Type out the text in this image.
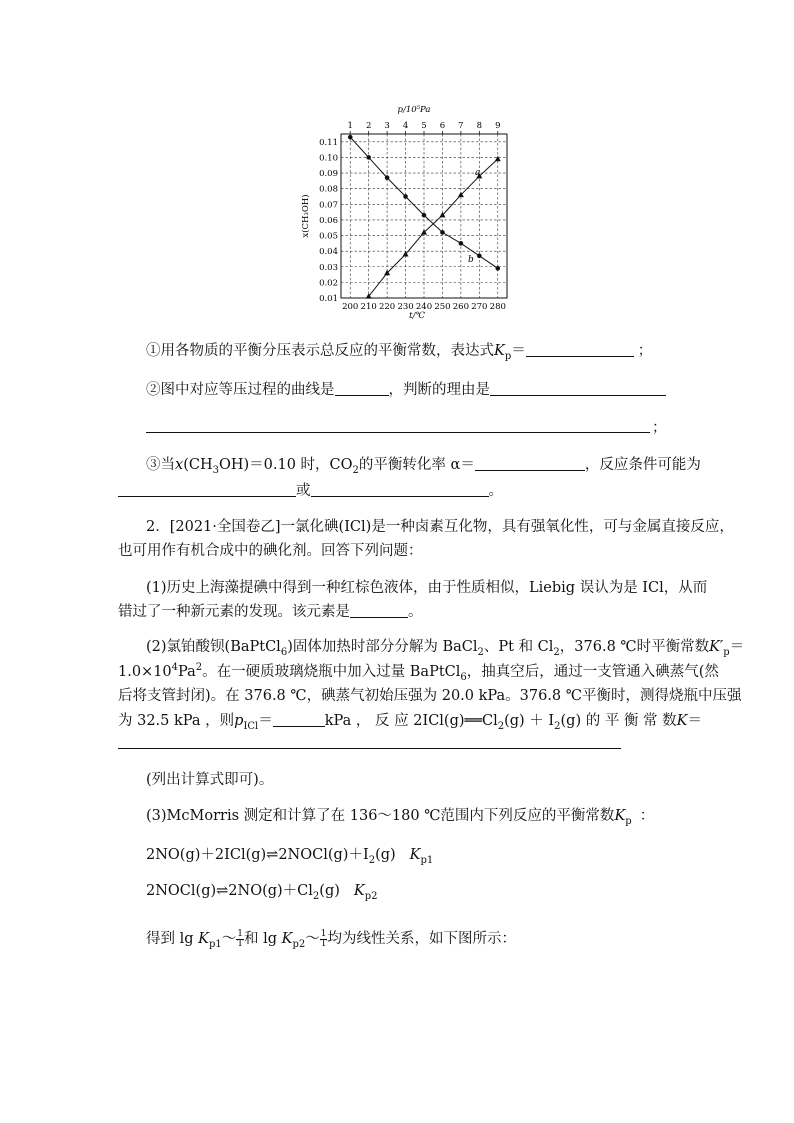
1 2 3 4 5 6 7 8 9
200 210 220 230 240 250 260 270 280
0.01
0.02
0.03
0.04
0.05
0.06
0.07
0.08
0.09
0.10
0.11
p/10⁵Pa
t/℃
x(CH₃OH)
a
b
①用各物质的平衡分压表示总反应的平衡常数，表达式$K_p=$	；
②图中对应等压过程的曲线是	，判断的理由是
；
③当$x(CH_3OH)=0.10$ 时，$CO_2$的平衡转化率 α＝	，反应条件可能为
或	。
2．[2021·全国卷乙]一氯化碘(ICl)是一种卤素互化物，具有强氧化性，可与金属直接反应，
也可用作有机合成中的碘化剂。回答下列问题：
(1)历史上海藻提碘中得到一种红棕色液体，由于性质相似，Liebig 误认为是 ICl，从而
错过了一种新元素的发现。该元素是	。
(2)氯铂酸钡(BaPtCl$_6$)固体加热时部分分解为 BaCl$_2$、Pt 和 $Cl_2$，376.8 ℃时平衡常数$K'_p=$
$1.0\times 10^4Pa^2$。在一硬质玻璃烧瓶中加入过量 BaPtCl$_6$，抽真空后，通过一支管通入碘蒸气(然
后将支管封闭)。在 376.8 ℃，碘蒸气初始压强为 20.0 kPa。376.8 ℃平衡时，测得烧瓶中压强
为 32.5 kPa ，则$p_{ICl}=$	kPa ， 反 应 $2ICl(g)══Cl_2(g) + I_2(g)$ 的 平 衡 常 数K＝
(列出计算式即可)。
(3)McMorris 测定和计算了在 136～180 ℃范围内下列反应的平衡常数$K_p$ ：
$2NO(g)+2ICl(g)\rightleftharpoons 2NOCl(g)+I_2(g)$ $K_{p1}$
$2NOCl(g)\rightleftharpoons 2NO(g)+Cl_2(g)$ $K_{p2}$
得到 $\lg K_{p1}\sim \frac{1}{T}$ 和 $\lg K_{p2}\sim \frac{1}{T}$ 均为线性关系，如下图所示：
